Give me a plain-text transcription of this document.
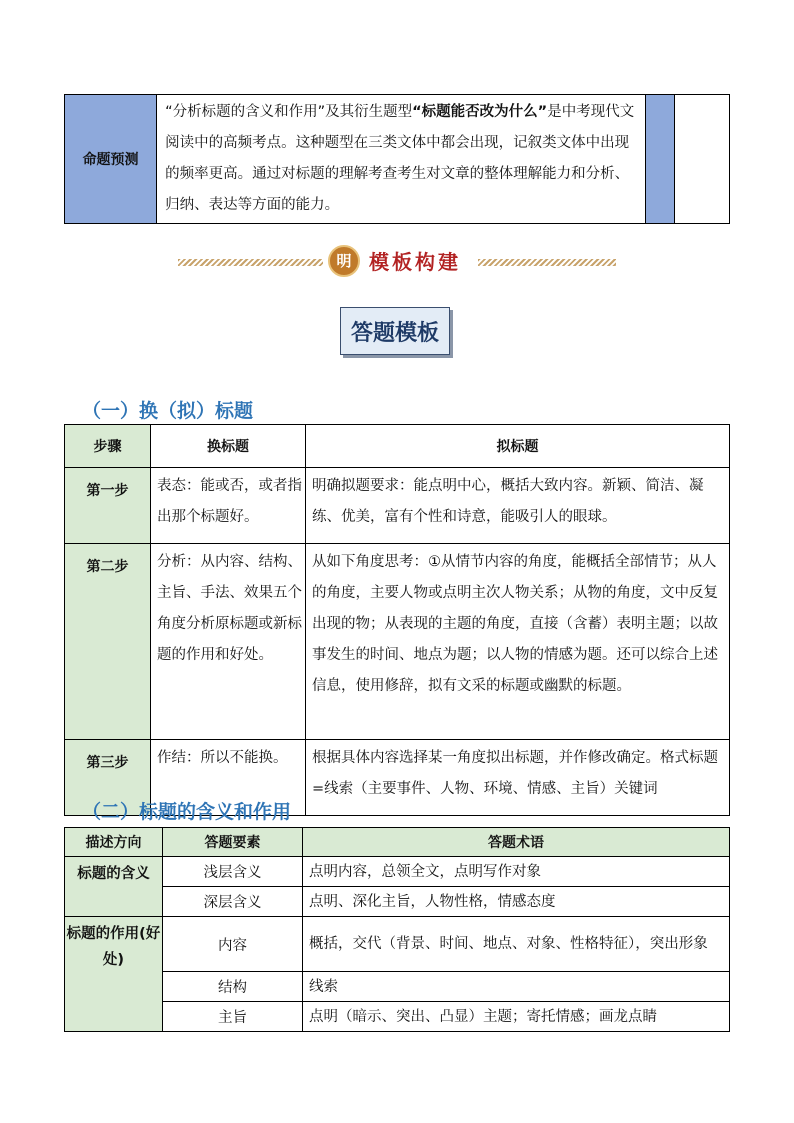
命题预测	“分析标题的含义和作用”及其衍生题型“标题能否改为什么”是中考现代文阅读中的高频考点。这种题型在三类文体中都会出现，记叙类文体中出现的频率更高。通过对标题的理解考查考生对文章的整体理解能力和分析、归纳、表达等方面的能力。		
明 模板构建
答题模板
（一）换（拟）标题
步骤	换标题	拟标题
第一步	表态：能或否，或者指出那个标题好。	明确拟题要求：能点明中心，概括大致内容。新颖、简洁、凝练、优美，富有个性和诗意，能吸引人的眼球。
第二步	分析：从内容、结构、主旨、手法、效果五个角度分析原标题或新标题的作用和好处。	从如下角度思考：①从情节内容的角度，能概括全部情节；从人的角度，主要人物或点明主次人物关系；从物的角度，文中反复出现的物；从表现的主题的角度，直接（含蓄）表明主题；以故事发生的时间、地点为题；以人物的情感为题。还可以综合上述信息，使用修辞，拟有文采的标题或幽默的标题。
第三步	作结：所以不能换。	根据具体内容选择某一角度拟出标题，并作修改确定。格式标题=线索（主要事件、人物、环境、情感、主旨）关键词
（二）标题的含义和作用
描述方向	答题要素	答题术语
标题的含义	浅层含义	点明内容，总领全文，点明写作对象
	深层含义	点明、深化主旨，人物性格，情感态度
标题的作用(好处)	内容	概括，交代（背景、时间、地点、对象、性格特征），突出形象
	结构	线索
	主旨	点明（暗示、突出、凸显）主题；寄托情感；画龙点睛
